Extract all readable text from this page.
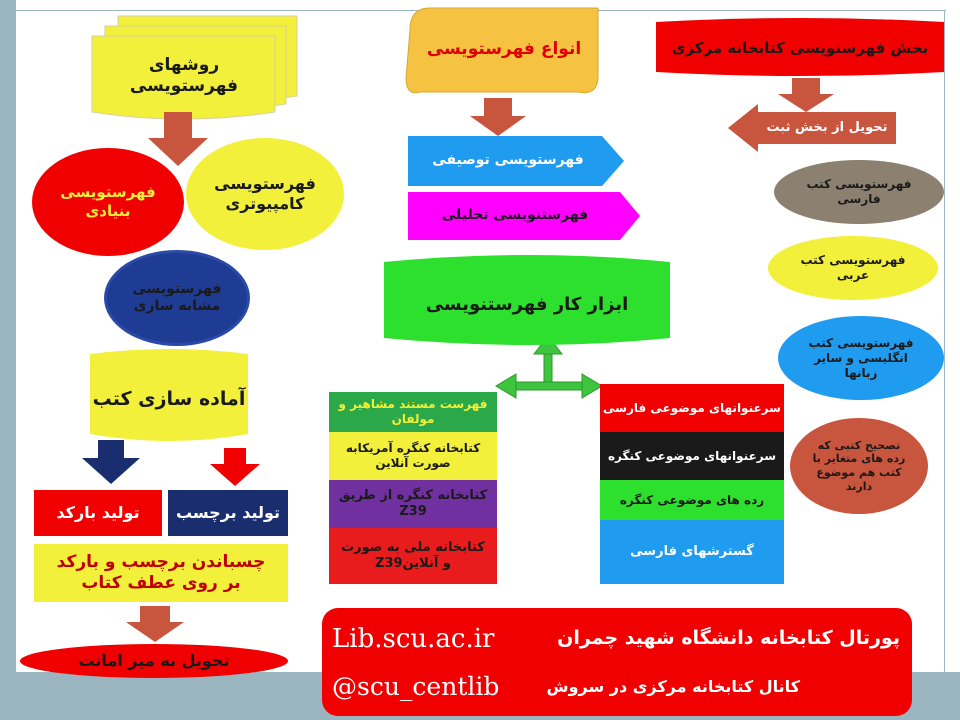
روشهای فهرستویسی
فهرستویسی بنیادی
فهرستویسی کامپیوتری
فهرستویسی مشابه سازی
آماده سازی کتب
تولید بارکد	تولید برچسب
چسباندن برچسب و بارکد بر روی عطف کتاب
تحویل به میز امانت
انواع فهرستویسی
فهرستویسی توصیفی
فهرستنویسی تحلیلی
ابزار کار فهرستنویسی
فهرست مستند مشاهیر و مولفان
کتابخانه کنگره آمریکابه صورت آنلاین
کتابخانه کنگره از طریق Z39
کتابخانه ملی به صورت Z39و آنلاین
سرعنوانهای موضوعی فارسی
سرعنوانهای موضوعی کنگره
رده های موضوعی کنگره
گسترشهای فارسی
بخش فهرستویسی کتابخانه مرکزی
تحویل از بخش ثبت
فهرستویسی کتب فارسی
فهرستویسی کتب عربی
فهرستویسی کتب انگلیسی و سایر زبانها
تصحیح کتبی که رده های متغایر با کتب هم موضوع دارند
Lib.scu.ac.ir	پورتال کتابخانه دانشگاه شهید چمران
@scu_centlib	کانال کتابخانه مرکزی در سروش
